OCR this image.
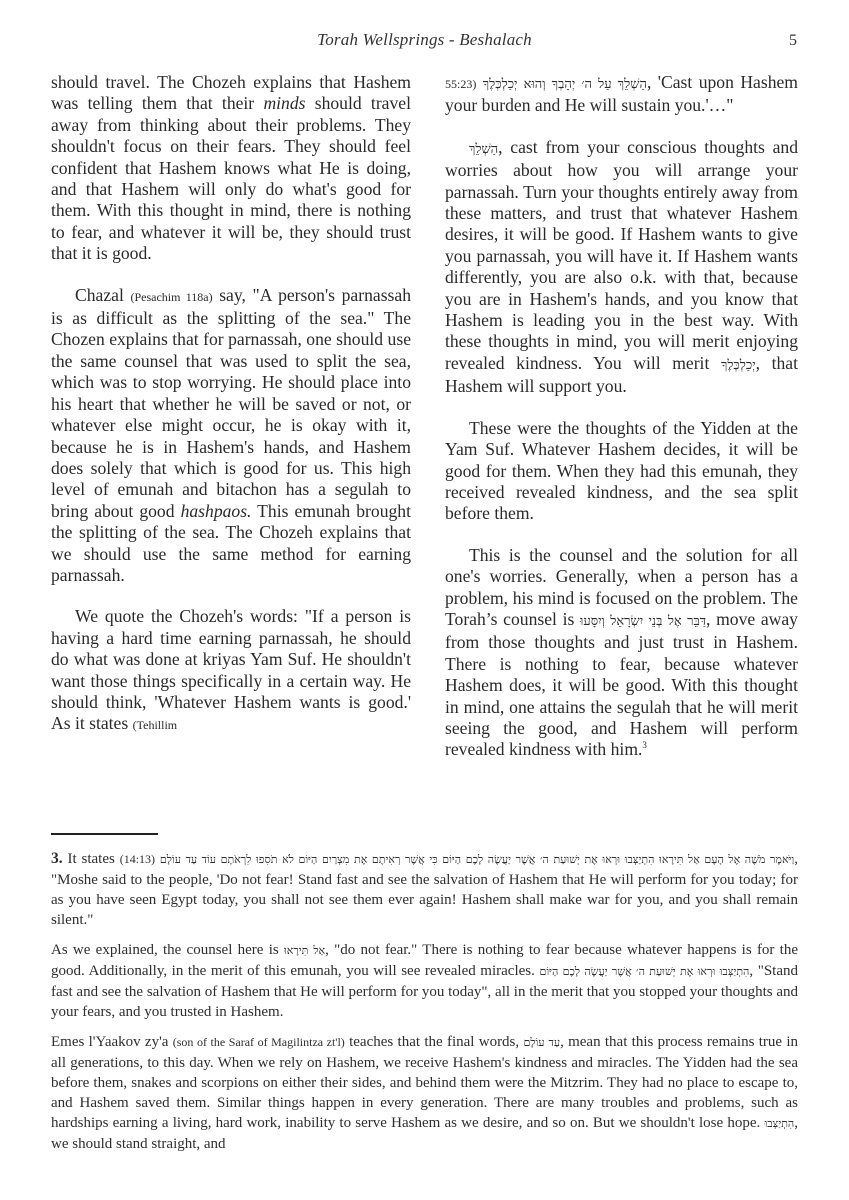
Torah Wellsprings - Beshalach	5

should travel. The Chozeh explains that Hashem was telling them that their minds should travel away from thinking about their problems. They shouldn't focus on their fears. They should feel confident that Hashem knows what He is doing, and that Hashem will only do what's good for them. With this thought in mind, there is nothing to fear, and whatever it will be, they should trust that it is good.

Chazal (Pesachim 118a) say, "A person's parnassah is as difficult as the splitting of the sea." The Chozen explains that for parnassah, one should use the same counsel that was used to split the sea, which was to stop worrying. He should place into his heart that whether he will be saved or not, or whatever else might occur, he is okay with it, because he is in Hashem's hands, and Hashem does solely that which is good for us. This high level of emunah and bitachon has a segulah to bring about good hashpaos. This emunah brought the splitting of the sea. The Chozeh explains that we should use the same method for earning parnassah.

We quote the Chozeh's words: "If a person is having a hard time earning parnassah, he should do what was done at kriyas Yam Suf. He shouldn't want those things specifically in a certain way. He should think, 'Whatever Hashem wants is good.' As it states (Tehillim

55:23) הַשְׁלֵךְ עַל ה׳ יְהָבְךָ וְהוּא יְכַלְכְּלֶךָ, 'Cast upon Hashem your burden and He will sustain you.'…"

הַשְׁלֵךְ, cast from your conscious thoughts and worries about how you will arrange your parnassah. Turn your thoughts entirely away from these matters, and trust that whatever Hashem desires, it will be good. If Hashem wants to give you parnassah, you will have it. If Hashem wants differently, you are also o.k. with that, because you are in Hashem's hands, and you know that Hashem is leading you in the best way. With these thoughts in mind, you will merit enjoying revealed kindness. You will merit יְכַלְכְּלֶךָ, that Hashem will support you.

These were the thoughts of the Yidden at the Yam Suf. Whatever Hashem decides, it will be good for them. When they had this emunah, they received revealed kindness, and the sea split before them.

This is the counsel and the solution for all one's worries. Generally, when a person has a problem, his mind is focused on the problem. The Torah’s counsel is דַּבֵּר אֶל בְּנֵי יִשְׂרָאֵל וְיִסָּעוּ, move away from those thoughts and just trust in Hashem. There is nothing to fear, because whatever Hashem does, it will be good. With this thought in mind, one attains the segulah that he will merit seeing the good, and Hashem will perform revealed kindness with him.$^3$

3. It states (14:13) וַיֹּאמֶר מֹשֶׁה אֶל הָעָם אַל תִּירָאוּ הִתְיַצְּבוּ וּרְאוּ אֶת יְשׁוּעַת ה׳ אֲשֶׁר יַעֲשֶׂה לָכֶם הַיּוֹם כִּי אֲשֶׁר רְאִיתֶם אֶת מִצְרַיִם הַיּוֹם לֹא תֹסִפוּ לִרְאֹתָם עוֹד עַד עוֹלָם, "Moshe said to the people, 'Do not fear! Stand fast and see the salvation of Hashem that He will perform for you today; for as you have seen Egypt today, you shall not see them ever again! Hashem shall make war for you, and you shall remain silent."

As we explained, the counsel here is אַל תִּירָאוּ, "do not fear." There is nothing to fear because whatever happens is for the good. Additionally, in the merit of this emunah, you will see revealed miracles. הִתְיַצְּבוּ וּרְאוּ אֶת יְשׁוּעַת ה׳ אֲשֶׁר יַעֲשֶׂה לָכֶם הַיּוֹם, "Stand fast and see the salvation of Hashem that He will perform for you today", all in the merit that you stopped your thoughts and your fears, and you trusted in Hashem.

Emes l'Yaakov zy'a (son of the Saraf of Magilintza zt'l) teaches that the final words, עַד עוֹלָם, mean that this process remains true in all generations, to this day. When we rely on Hashem, we receive Hashem's kindness and miracles. The Yidden had the sea before them, snakes and scorpions on either their sides, and behind them were the Mitzrim. They had no place to escape to, and Hashem saved them. Similar things happen in every generation. There are many troubles and problems, such as hardships earning a living, hard work, inability to serve Hashem as we desire, and so on. But we shouldn't lose hope. הִתְיַצְּבוּ, we should stand straight, and
